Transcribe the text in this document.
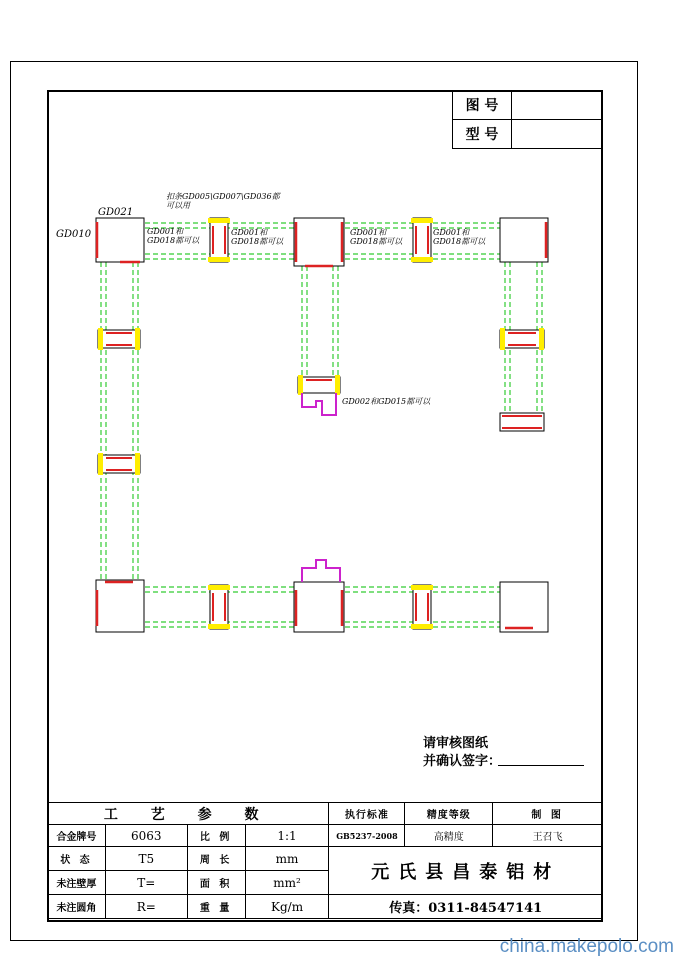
图 号	
型 号	
GD021
GD010
扣条GD005\GD007\GD036都可以用
GD001和GD018都可以
GD001和GD018都可以
GD001和GD018都可以
GD001和GD018都可以
GD002和GD015都可以
请审核图纸
并确认签字：
工 艺 参 数				执行标准	精度等级	制 图
合金牌号	6063	比 例	1:1	GB5237-2008	高精度	王召飞
状 态	T5	周 长	mm	元氏县昌泰铝材		
未注壁厚	T=	面 积	mm²			
未注圆角	R=	重 量	Kg/m	传真：0311-84547141		
china.makepolo.com
